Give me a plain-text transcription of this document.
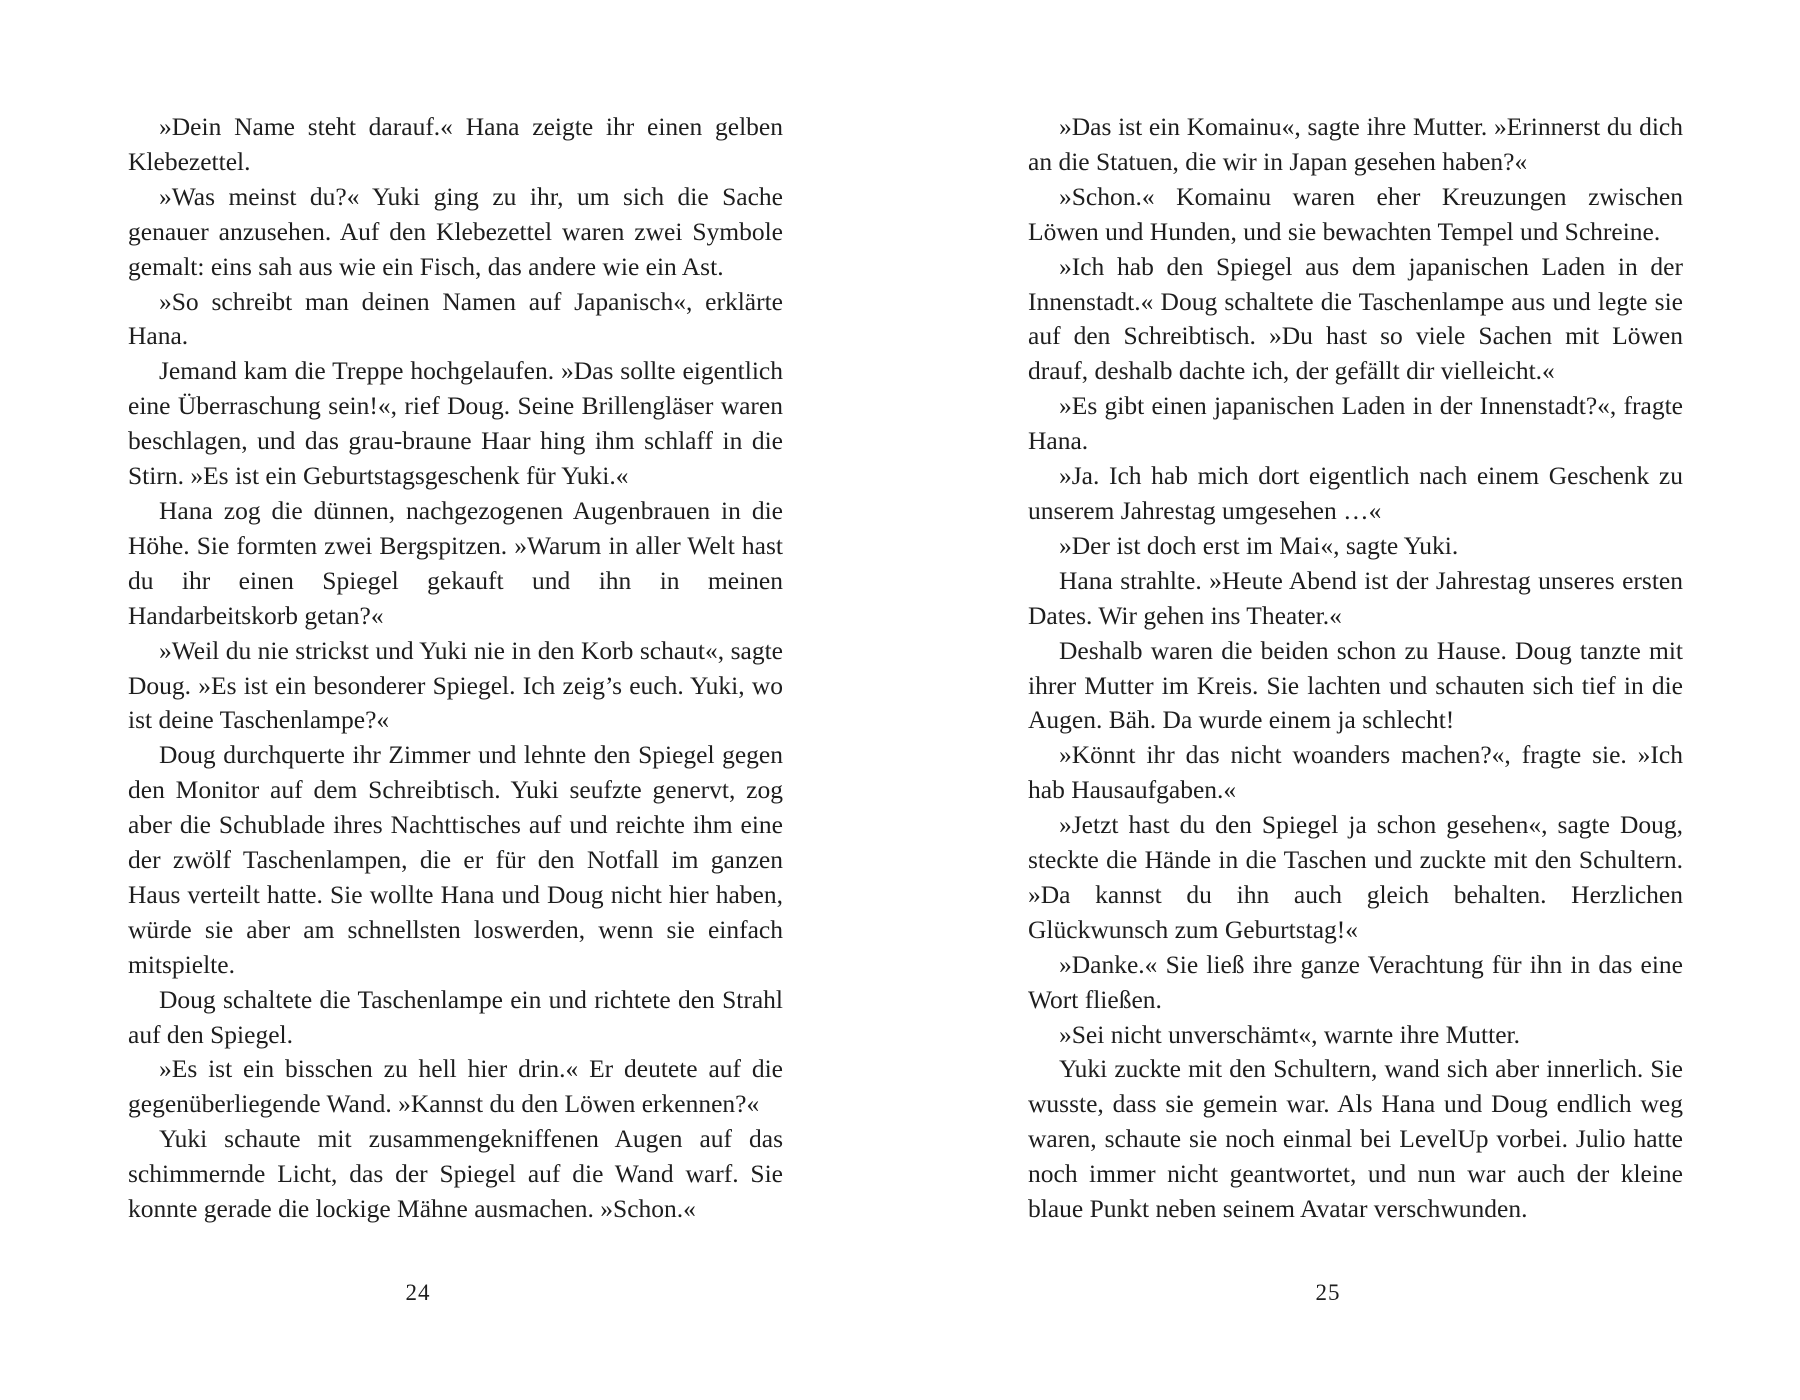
»Dein Name steht darauf.« Hana zeigte ihr einen gelben Klebezettel.

»Was meinst du?« Yuki ging zu ihr, um sich die Sache genauer anzusehen. Auf den Klebezettel waren zwei Symbole gemalt: eins sah aus wie ein Fisch, das andere wie ein Ast.

»So schreibt man deinen Namen auf Japanisch«, erklärte Hana.

Jemand kam die Treppe hochgelaufen. »Das sollte eigentlich eine Überraschung sein!«, rief Doug. Seine Brillengläser waren beschlagen, und das grau-braune Haar hing ihm schlaff in die Stirn. »Es ist ein Geburtstagsgeschenk für Yuki.«

Hana zog die dünnen, nachgezogenen Augenbrauen in die Höhe. Sie formten zwei Bergspitzen. »Warum in aller Welt hast du ihr einen Spiegel gekauft und ihn in meinen Handarbeitskorb getan?«

»Weil du nie strickst und Yuki nie in den Korb schaut«, sagte Doug. »Es ist ein besonderer Spiegel. Ich zeig’s euch. Yuki, wo ist deine Taschenlampe?«

Doug durchquerte ihr Zimmer und lehnte den Spiegel gegen den Monitor auf dem Schreibtisch. Yuki seufzte genervt, zog aber die Schublade ihres Nachttisches auf und reichte ihm eine der zwölf Taschenlampen, die er für den Notfall im ganzen Haus verteilt hatte. Sie wollte Hana und Doug nicht hier haben, würde sie aber am schnellsten loswerden, wenn sie einfach mitspielte.

Doug schaltete die Taschenlampe ein und richtete den Strahl auf den Spiegel.

»Es ist ein bisschen zu hell hier drin.« Er deutete auf die gegenüberliegende Wand. »Kannst du den Löwen erkennen?«

Yuki schaute mit zusammengekniffenen Augen auf das schimmernde Licht, das der Spiegel auf die Wand warf. Sie konnte gerade die lockige Mähne ausmachen. »Schon.«

24

»Das ist ein Komainu«, sagte ihre Mutter. »Erinnerst du dich an die Statuen, die wir in Japan gesehen haben?«

»Schon.« Komainu waren eher Kreuzungen zwischen Löwen und Hunden, und sie bewachten Tempel und Schreine.

»Ich hab den Spiegel aus dem japanischen Laden in der Innenstadt.« Doug schaltete die Taschenlampe aus und legte sie auf den Schreibtisch. »Du hast so viele Sachen mit Löwen drauf, deshalb dachte ich, der gefällt dir vielleicht.«

»Es gibt einen japanischen Laden in der Innenstadt?«, fragte Hana.

»Ja. Ich hab mich dort eigentlich nach einem Geschenk zu unserem Jahrestag umgesehen …«

»Der ist doch erst im Mai«, sagte Yuki.

Hana strahlte. »Heute Abend ist der Jahrestag unseres ersten Dates. Wir gehen ins Theater.«

Deshalb waren die beiden schon zu Hause. Doug tanzte mit ihrer Mutter im Kreis. Sie lachten und schauten sich tief in die Augen. Bäh. Da wurde einem ja schlecht!

»Könnt ihr das nicht woanders machen?«, fragte sie. »Ich hab Hausaufgaben.«

»Jetzt hast du den Spiegel ja schon gesehen«, sagte Doug, steckte die Hände in die Taschen und zuckte mit den Schultern. »Da kannst du ihn auch gleich behalten. Herzlichen Glückwunsch zum Geburtstag!«

»Danke.« Sie ließ ihre ganze Verachtung für ihn in das eine Wort fließen.

»Sei nicht unverschämt«, warnte ihre Mutter.

Yuki zuckte mit den Schultern, wand sich aber innerlich. Sie wusste, dass sie gemein war. Als Hana und Doug endlich weg waren, schaute sie noch einmal bei LevelUp vorbei. Julio hatte noch immer nicht geantwortet, und nun war auch der kleine blaue Punkt neben seinem Avatar verschwunden.

25
